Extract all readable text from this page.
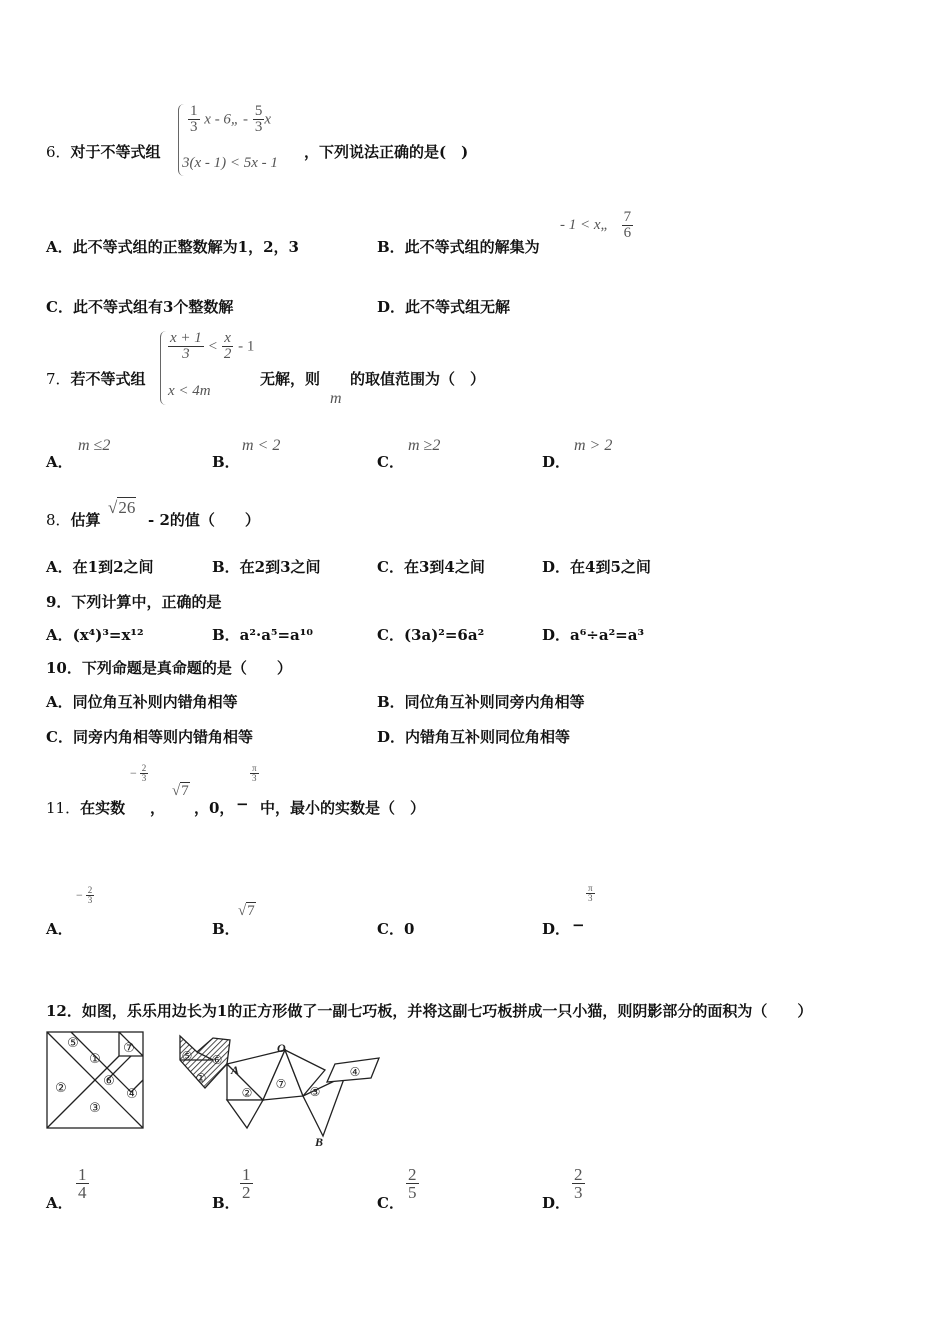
6．对于不等式组
$\frac{1}{3}$ x - 6„ - $\frac{5}{3}$ x
3(x - 1) < 5x - 1
，下列说法正确的是(　)
A．此不等式组的正整数解为1，2，3	B．此不等式组的解集为
- 1 < x„ $\frac{7}{6}$
C．此不等式组有3个整数解	D．此不等式组无解
7．若不等式组
$\frac{x + 1}{3} < \frac{x}{2} - 1$
x < 4m
无解，则
m
的取值范围为（　）
A．
m ≤2
B．
m < 2
C．
m ≥2
D．
m > 2
8．估算
√26
- 2的值（　　）
A．在1到2之间	B．在2到3之间	C．在3到4之间	D．在4到5之间
9．下列计算中，正确的是
A．(x⁴)³=x¹²	B．a²·a⁵=a¹⁰	C．(3a)²=6a²	D．a⁶÷a²=a³
10．下列命题是真命题的是（　　）
A．同位角互补则内错角相等	B．同位角互补则同旁内角相等
C．同旁内角相等则内错角相等	D．内错角互补则同位角相等
11．在实数
− $\frac{2}{3}$
，
√7
，0， −
$\frac{\pi}{3}$
中，最小的实数是（　）
A．
− $\frac{2}{3}$
B．
√7
C．0	D． −
$\frac{\pi}{3}$
12．如图，乐乐用边长为1的正方形做了一副七巧板，并将这副七巧板拼成一只小猫，则阴影部分的面积为（　　）
⑤
①
⑦
②	⑥
④
③
⑤ ⑥
①
②
⑦
③
④
A
O
B
A．
$\frac{1}{4}$
B．
$\frac{1}{2}$
C．
$\frac{2}{5}$
D．
$\frac{2}{3}$
